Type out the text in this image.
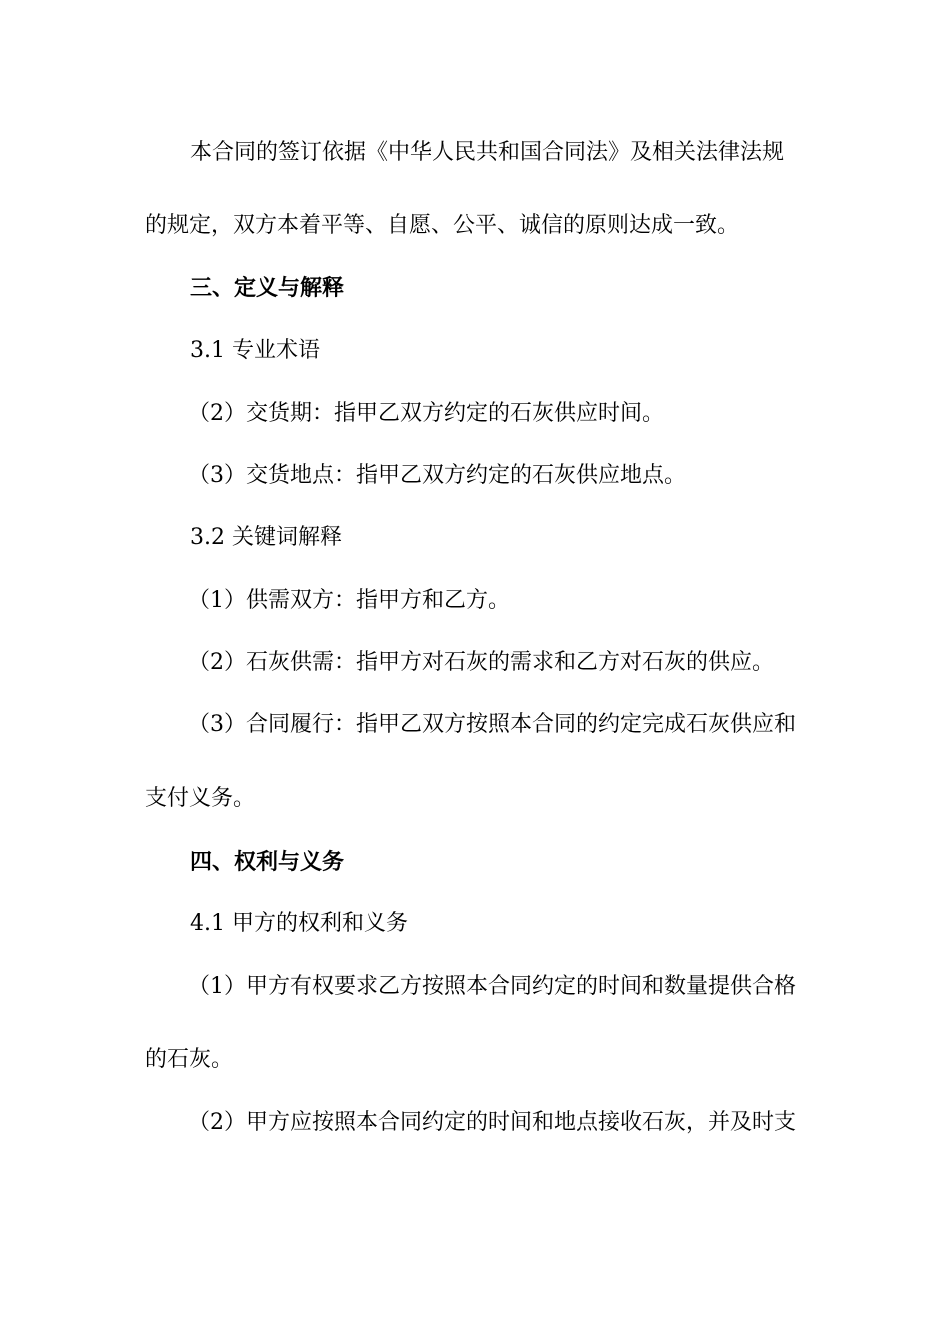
本合同的签订依据《中华人民共和国合同法》及相关法律法规
的规定，双方本着平等、自愿、公平、诚信的原则达成一致。
三、定义与解释
3.1 专业术语
（2）交货期：指甲乙双方约定的石灰供应时间。
（3）交货地点：指甲乙双方约定的石灰供应地点。
3.2 关键词解释
（1）供需双方：指甲方和乙方。
（2）石灰供需：指甲方对石灰的需求和乙方对石灰的供应。
（3）合同履行：指甲乙双方按照本合同的约定完成石灰供应和
支付义务。
四、权利与义务
4.1 甲方的权利和义务
（1）甲方有权要求乙方按照本合同约定的时间和数量提供合格
的石灰。
（2）甲方应按照本合同约定的时间和地点接收石灰，并及时支
